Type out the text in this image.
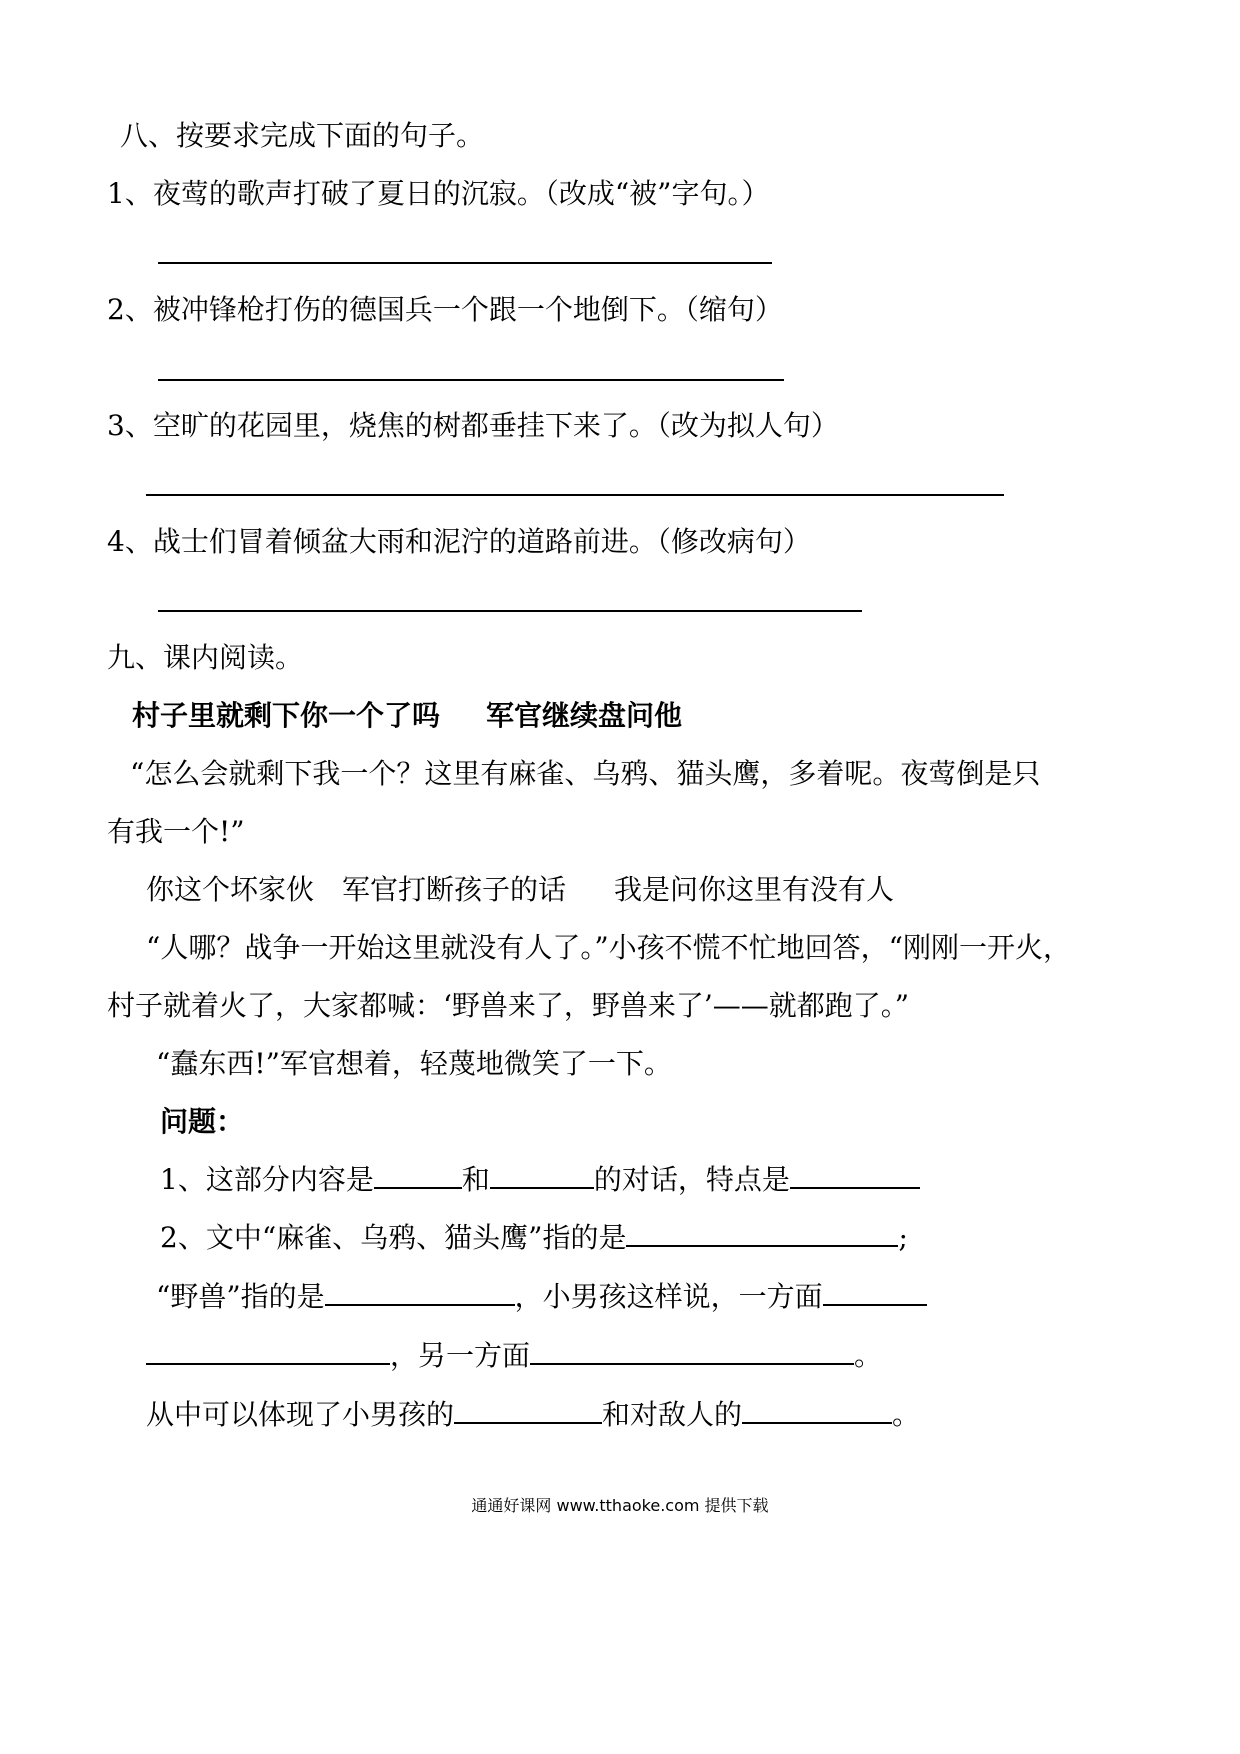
八、按要求完成下面的句子。
1、夜莺的歌声打破了夏日的沉寂。（改成“被”字句。）
2、被冲锋枪打伤的德国兵一个跟一个地倒下。（缩句）
3、空旷的花园里，烧焦的树都垂挂下来了。（改为拟人句）
4、战士们冒着倾盆大雨和泥泞的道路前进。（修改病句）
九、课内阅读。
村子里就剩下你一个了吗 军官继续盘问他
“怎么会就剩下我一个？这里有麻雀、乌鸦、猫头鹰，多着呢。夜莺倒是只
有我一个!”
你这个坏家伙 军官打断孩子的话 我是问你这里有没有人
“人哪？战争一开始这里就没有人了。”小孩不慌不忙地回答，“刚刚一开火，
村子就着火了，大家都喊：‘野兽来了，野兽来了’——就都跑了。”
“蠢东西!”军官想着，轻蔑地微笑了一下。
问题：
1、这部分内容是	和	的对话，特点是
2、文中“麻雀、乌鸦、猫头鹰”指的是	;
“野兽”指的是	，小男孩这样说，一方面
，另一方面	。
从中可以体现了小男孩的	和对敌人的	。
通通好课网 www.tthaoke.com 提供下载
